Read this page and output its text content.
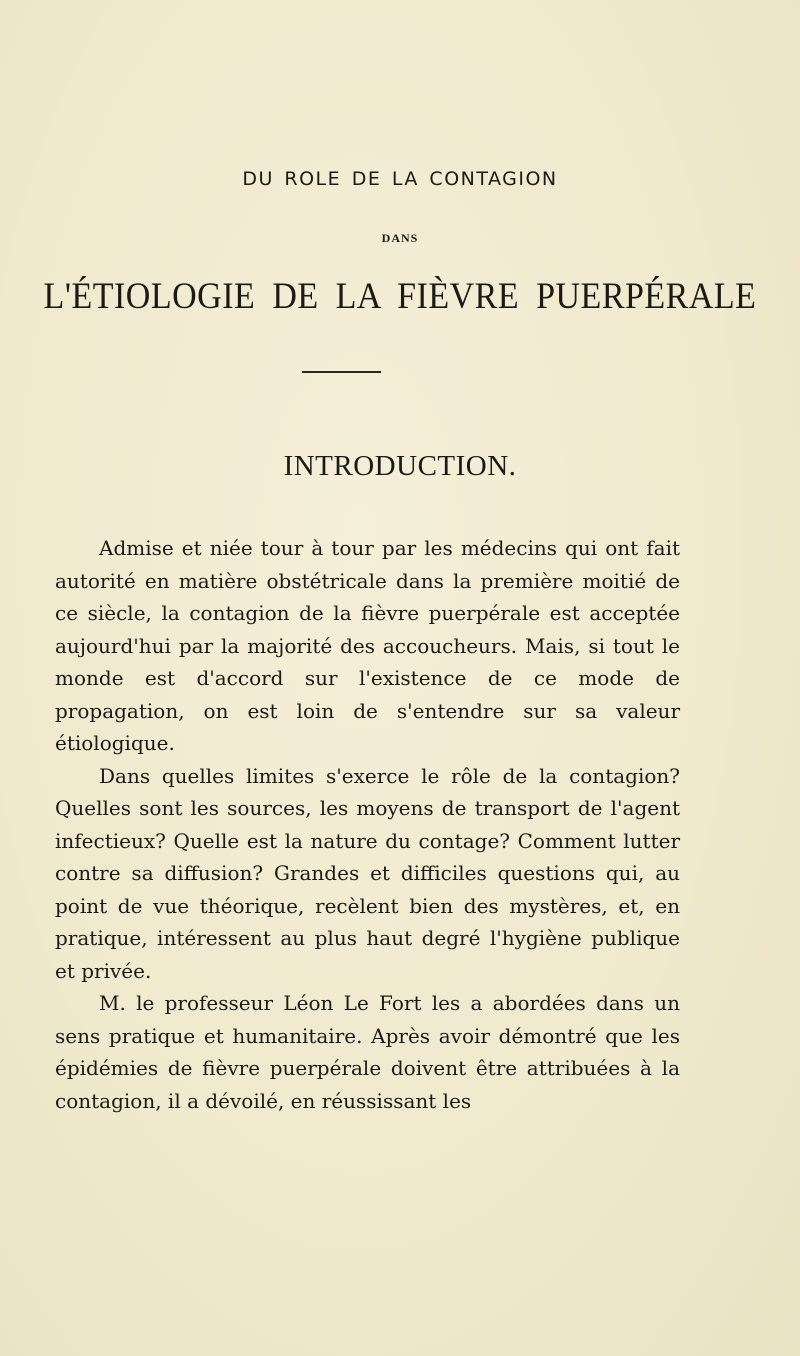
DU ROLE DE LA CONTAGION
DANS
L'ÉTIOLOGIE DE LA FIÈVRE PUERPÉRALE
INTRODUCTION.

Admise et niée tour à tour par les médecins qui ont fait autorité en matière obstétricale dans la première moitié de ce siècle, la contagion de la fièvre puerpérale est acceptée aujourd'hui par la majorité des accoucheurs. Mais, si tout le monde est d'accord sur l'existence de ce mode de propagation, on est loin de s'entendre sur sa valeur étiologique.

Dans quelles limites s'exerce le rôle de la contagion? Quelles sont les sources, les moyens de transport de l'agent infectieux? Quelle est la nature du contage? Comment lutter contre sa diffusion? Grandes et difficiles questions qui, au point de vue théorique, recèlent bien des mystères, et, en pratique, intéressent au plus haut degré l'hygiène publique et privée.

M. le professeur Léon Le Fort les a abordées dans un sens pratique et humanitaire. Après avoir démontré que les épidémies de fièvre puerpérale doivent être attribuées à la contagion, il a dévoilé, en réussissant les
